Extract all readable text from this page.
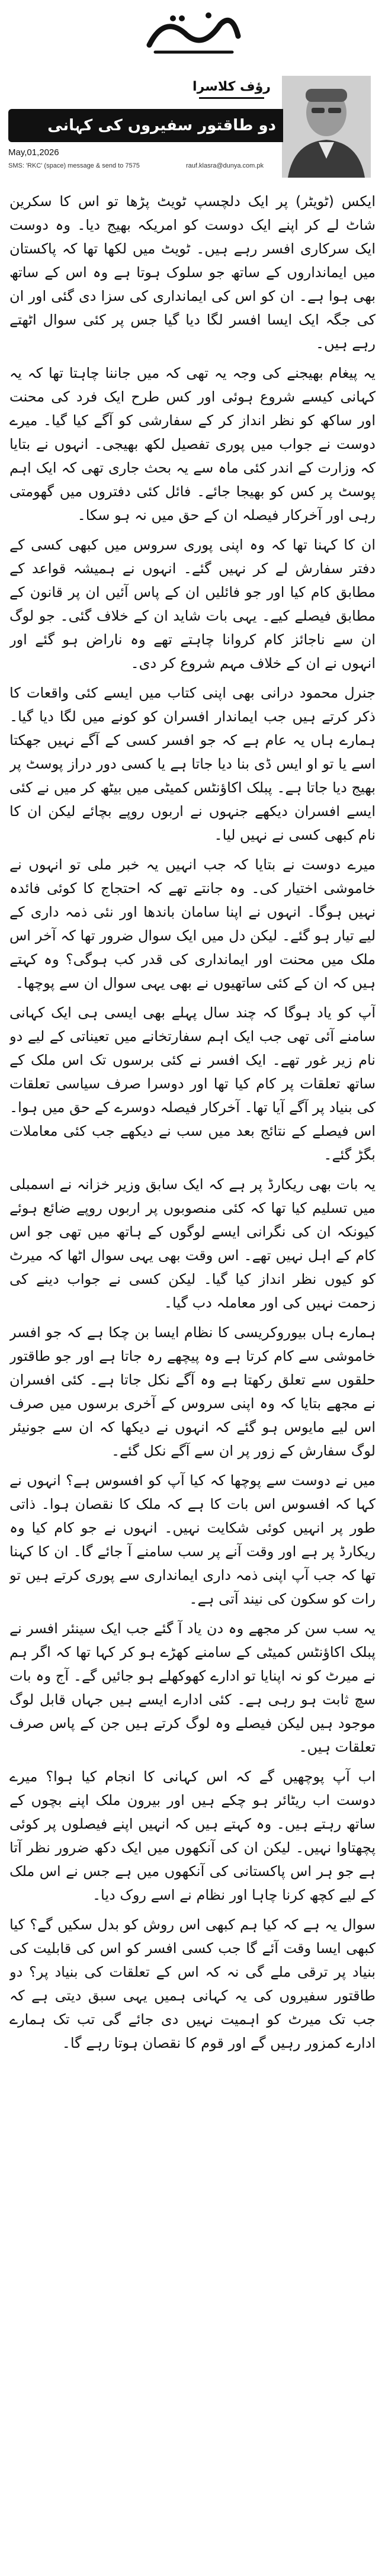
رؤف کلاسرا
دو طاقتور سفیروں کی کہانی
May,01,2026
SMS: 'RKC' (space) message & send to 7575	rauf.klasra@dunya.com.pk

ایکس (ٹویٹر) پر ایک دلچسپ ٹویٹ پڑھا تو اس کا سکرین شاٹ لے کر اپنے ایک دوست کو امریکہ بھیج دیا۔ وہ دوست ایک سرکاری افسر رہے ہیں۔ ٹویٹ میں لکھا تھا کہ پاکستان میں ایمانداروں کے ساتھ جو سلوک ہوتا ہے وہ اس کے ساتھ بھی ہوا ہے۔ ان کو اس کی ایمانداری کی سزا دی گئی اور ان کی جگہ ایک ایسا افسر لگا دیا گیا جس پر کئی سوال اٹھتے رہے ہیں۔

یہ پیغام بھیجنے کی وجہ یہ تھی کہ میں جاننا چاہتا تھا کہ یہ کہانی کیسے شروع ہوئی اور کس طرح ایک فرد کی محنت اور ساکھ کو نظر انداز کر کے سفارشی کو آگے کیا گیا۔ میرے دوست نے جواب میں پوری تفصیل لکھ بھیجی۔ انہوں نے بتایا کہ وزارت کے اندر کئی ماہ سے یہ بحث جاری تھی کہ ایک اہم پوسٹ پر کس کو بھیجا جائے۔ فائل کئی دفتروں میں گھومتی رہی اور آخرکار فیصلہ ان کے حق میں نہ ہو سکا۔

ان کا کہنا تھا کہ وہ اپنی پوری سروس میں کبھی کسی کے دفتر سفارش لے کر نہیں گئے۔ انہوں نے ہمیشہ قواعد کے مطابق کام کیا اور جو فائلیں ان کے پاس آئیں ان پر قانون کے مطابق فیصلے کیے۔ یہی بات شاید ان کے خلاف گئی۔ جو لوگ ان سے ناجائز کام کروانا چاہتے تھے وہ ناراض ہو گئے اور انہوں نے ان کے خلاف مہم شروع کر دی۔

جنرل محمود درانی بھی اپنی کتاب میں ایسے کئی واقعات کا ذکر کرتے ہیں جب ایماندار افسران کو کونے میں لگا دیا گیا۔ ہمارے ہاں یہ عام ہے کہ جو افسر کسی کے آگے نہیں جھکتا اسے یا تو او ایس ڈی بنا دیا جاتا ہے یا کسی دور دراز پوسٹ پر بھیج دیا جاتا ہے۔ پبلک اکاؤنٹس کمیٹی میں بیٹھ کر میں نے کئی ایسے افسران دیکھے جنہوں نے اربوں روپے بچائے لیکن ان کا نام کبھی کسی نے نہیں لیا۔

میرے دوست نے بتایا کہ جب انہیں یہ خبر ملی تو انہوں نے خاموشی اختیار کی۔ وہ جانتے تھے کہ احتجاج کا کوئی فائدہ نہیں ہوگا۔ انہوں نے اپنا سامان باندھا اور نئی ذمہ داری کے لیے تیار ہو گئے۔ لیکن دل میں ایک سوال ضرور تھا کہ آخر اس ملک میں محنت اور ایمانداری کی قدر کب ہوگی؟ وہ کہتے ہیں کہ ان کے کئی ساتھیوں نے بھی یہی سوال ان سے پوچھا۔

آپ کو یاد ہوگا کہ چند سال پہلے بھی ایسی ہی ایک کہانی سامنے آئی تھی جب ایک اہم سفارتخانے میں تعیناتی کے لیے دو نام زیر غور تھے۔ ایک افسر نے کئی برسوں تک اس ملک کے ساتھ تعلقات پر کام کیا تھا اور دوسرا صرف سیاسی تعلقات کی بنیاد پر آگے آیا تھا۔ آخرکار فیصلہ دوسرے کے حق میں ہوا۔ اس فیصلے کے نتائج بعد میں سب نے دیکھے جب کئی معاملات بگڑ گئے۔

یہ بات بھی ریکارڈ پر ہے کہ ایک سابق وزیر خزانہ نے اسمبلی میں تسلیم کیا تھا کہ کئی منصوبوں پر اربوں روپے ضائع ہوئے کیونکہ ان کی نگرانی ایسے لوگوں کے ہاتھ میں تھی جو اس کام کے اہل نہیں تھے۔ اس وقت بھی یہی سوال اٹھا کہ میرٹ کو کیوں نظر انداز کیا گیا۔ لیکن کسی نے جواب دینے کی زحمت نہیں کی اور معاملہ دب گیا۔

ہمارے ہاں بیوروکریسی کا نظام ایسا بن چکا ہے کہ جو افسر خاموشی سے کام کرتا ہے وہ پیچھے رہ جاتا ہے اور جو طاقتور حلقوں سے تعلق رکھتا ہے وہ آگے نکل جاتا ہے۔ کئی افسران نے مجھے بتایا کہ وہ اپنی سروس کے آخری برسوں میں صرف اس لیے مایوس ہو گئے کہ انہوں نے دیکھا کہ ان سے جونیئر لوگ سفارش کے زور پر ان سے آگے نکل گئے۔

میں نے دوست سے پوچھا کہ کیا آپ کو افسوس ہے؟ انہوں نے کہا کہ افسوس اس بات کا ہے کہ ملک کا نقصان ہوا۔ ذاتی طور پر انہیں کوئی شکایت نہیں۔ انہوں نے جو کام کیا وہ ریکارڈ پر ہے اور وقت آنے پر سب سامنے آ جائے گا۔ ان کا کہنا تھا کہ جب آپ اپنی ذمہ داری ایمانداری سے پوری کرتے ہیں تو رات کو سکون کی نیند آتی ہے۔

یہ سب سن کر مجھے وہ دن یاد آ گئے جب ایک سینئر افسر نے پبلک اکاؤنٹس کمیٹی کے سامنے کھڑے ہو کر کہا تھا کہ اگر ہم نے میرٹ کو نہ اپنایا تو ادارے کھوکھلے ہو جائیں گے۔ آج وہ بات سچ ثابت ہو رہی ہے۔ کئی ادارے ایسے ہیں جہاں قابل لوگ موجود ہیں لیکن فیصلے وہ لوگ کرتے ہیں جن کے پاس صرف تعلقات ہیں۔

اب آپ پوچھیں گے کہ اس کہانی کا انجام کیا ہوا؟ میرے دوست اب ریٹائر ہو چکے ہیں اور بیرون ملک اپنے بچوں کے ساتھ رہتے ہیں۔ وہ کہتے ہیں کہ انہیں اپنے فیصلوں پر کوئی پچھتاوا نہیں۔ لیکن ان کی آنکھوں میں ایک دکھ ضرور نظر آتا ہے جو ہر اس پاکستانی کی آنکھوں میں ہے جس نے اس ملک کے لیے کچھ کرنا چاہا اور نظام نے اسے روک دیا۔

سوال یہ ہے کہ کیا ہم کبھی اس روش کو بدل سکیں گے؟ کیا کبھی ایسا وقت آئے گا جب کسی افسر کو اس کی قابلیت کی بنیاد پر ترقی ملے گی نہ کہ اس کے تعلقات کی بنیاد پر؟ دو طاقتور سفیروں کی یہ کہانی ہمیں یہی سبق دیتی ہے کہ جب تک میرٹ کو اہمیت نہیں دی جائے گی تب تک ہمارے ادارے کمزور رہیں گے اور قوم کا نقصان ہوتا رہے گا۔
